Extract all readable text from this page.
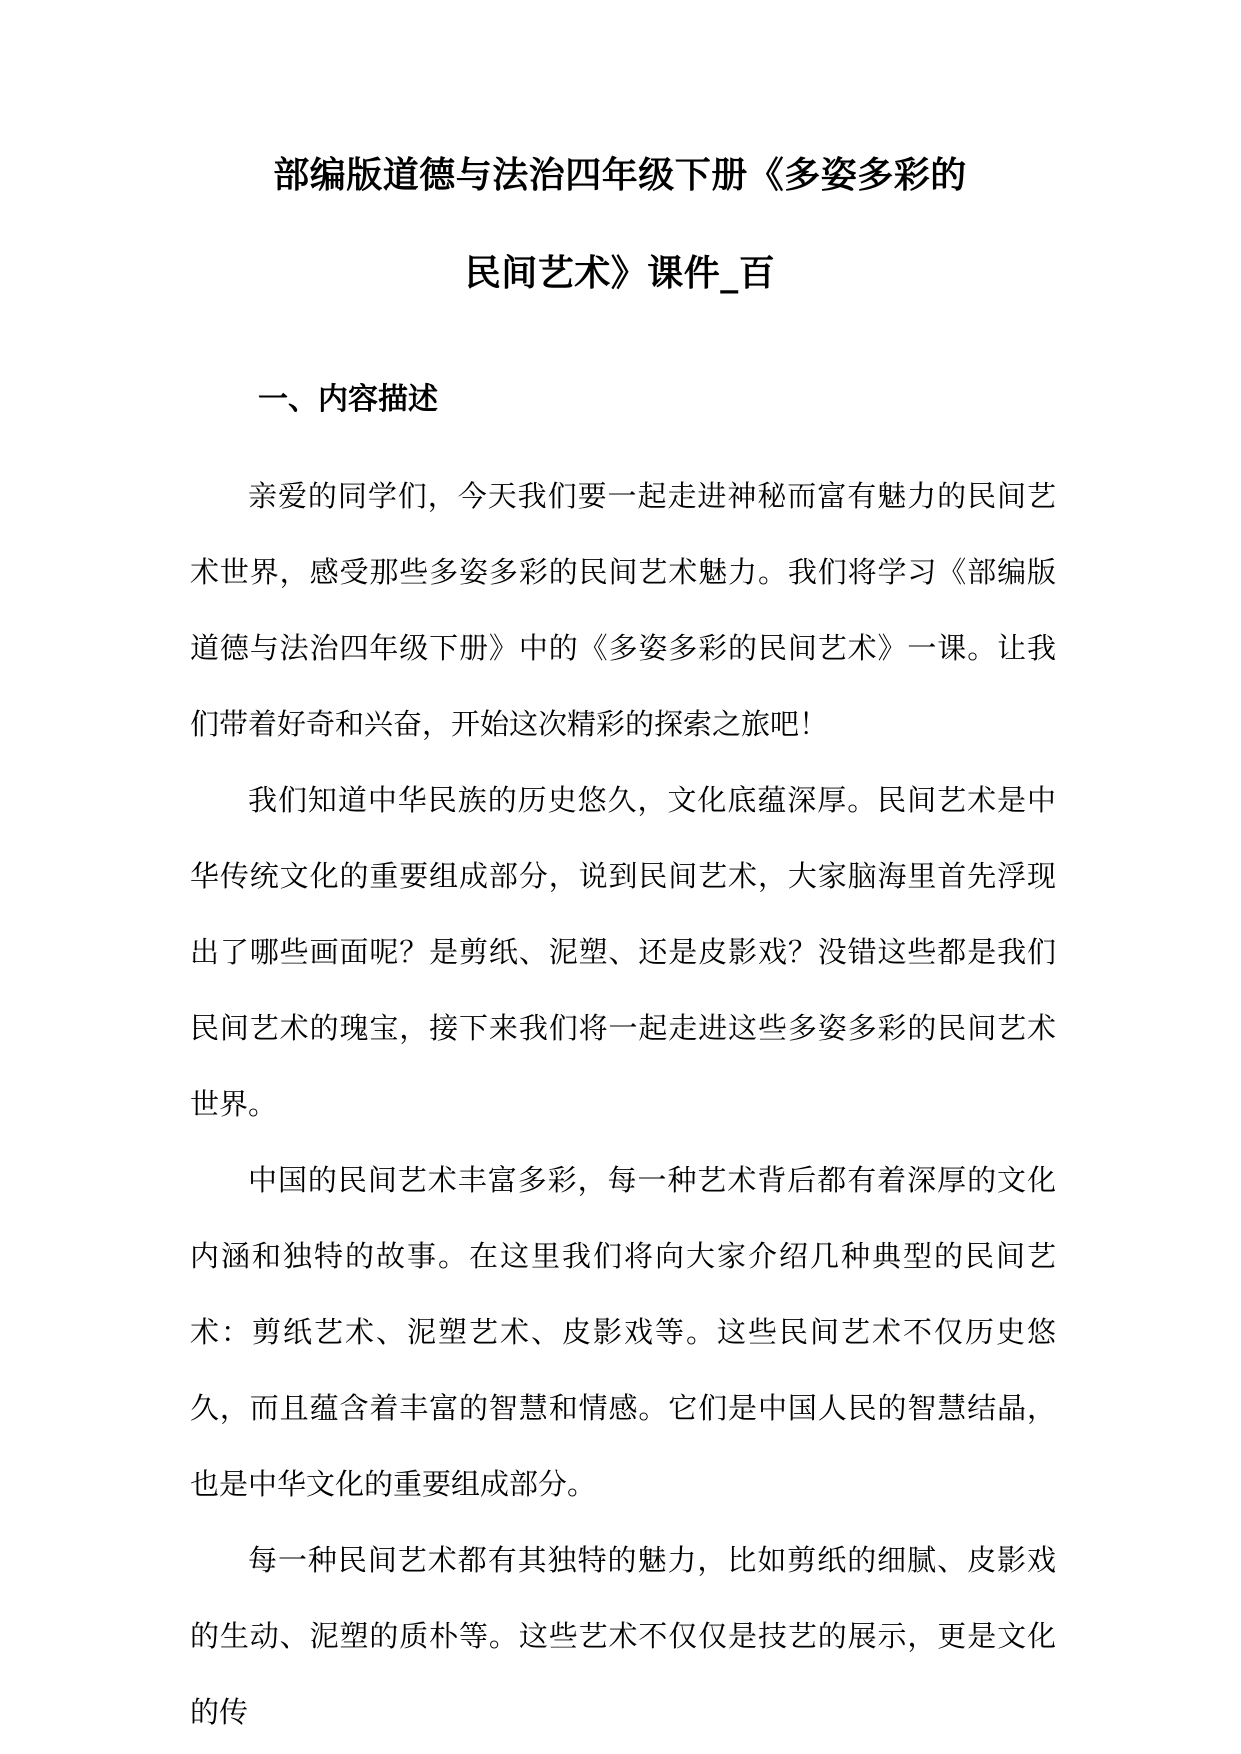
部编版道德与法治四年级下册《多姿多彩的
民间艺术》课件_百
一、内容描述

亲爱的同学们，今天我们要一起走进神秘而富有魅力的民间艺术世界，感受那些多姿多彩的民间艺术魅力。我们将学习《部编版道德与法治四年级下册》中的《多姿多彩的民间艺术》一课。让我们带着好奇和兴奋，开始这次精彩的探索之旅吧！

我们知道中华民族的历史悠久，文化底蕴深厚。民间艺术是中华传统文化的重要组成部分，说到民间艺术，大家脑海里首先浮现出了哪些画面呢？是剪纸、泥塑、还是皮影戏？没错这些都是我们民间艺术的瑰宝，接下来我们将一起走进这些多姿多彩的民间艺术世界。

中国的民间艺术丰富多彩，每一种艺术背后都有着深厚的文化内涵和独特的故事。在这里我们将向大家介绍几种典型的民间艺术：剪纸艺术、泥塑艺术、皮影戏等。这些民间艺术不仅历史悠久，而且蕴含着丰富的智慧和情感。它们是中国人民的智慧结晶，也是中华文化的重要组成部分。

每一种民间艺术都有其独特的魅力，比如剪纸的细腻、皮影戏的生动、泥塑的质朴等。这些艺术不仅仅是技艺的展示，更是文化的传
